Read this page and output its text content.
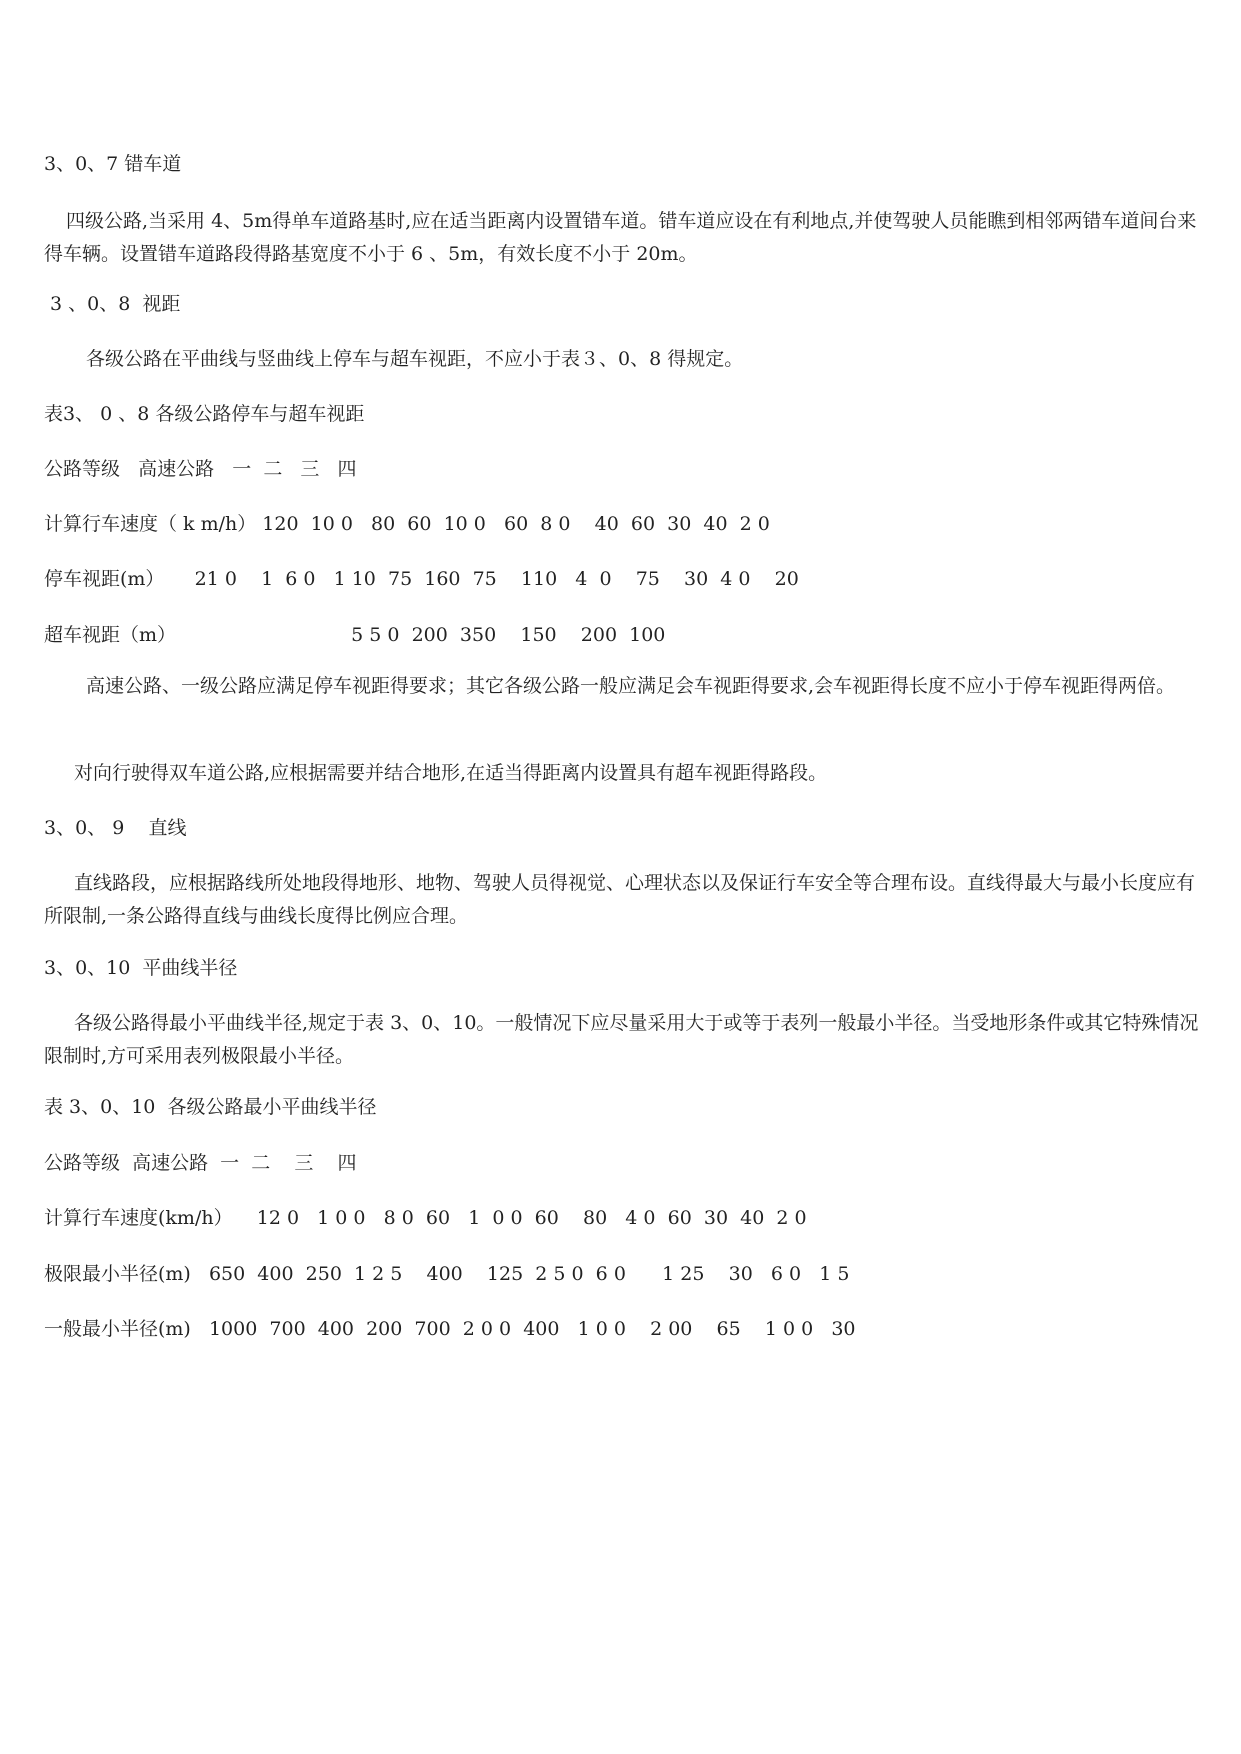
3、0、7 错车道
四级公路,当采用 4、5m得单车道路基时,应在适当距离内设置错车道。错车道应设在有利地点,并使驾驶人员能瞧到相邻两错车道间台来得车辆。设置错车道路段得路基宽度不小于 6 、5m，有效长度不小于 20m。
3 、0、8  视距
各级公路在平曲线与竖曲线上停车与超车视距，不应小于表３、0、8 得规定。
表3、 0 、8 各级公路停车与超车视距
公路等级   高速公路   一  二   三   四
计算行车速度（ k m/h） 120  10 0   80  60  10 0   60  8 0    40  60  30  40  2 0
停车视距(m）     21 0    1  6 0   1 10  75  160  75    110   4  0    75    30  4 0    20
超车视距（m）                             5 5 0  200  350    150    200  100
高速公路、一级公路应满足停车视距得要求；其它各级公路一般应满足会车视距得要求,会车视距得长度不应小于停车视距得两倍。
对向行驶得双车道公路,应根据需要并结合地形,在适当得距离内设置具有超车视距得路段。
3、0、 9    直线
直线路段，应根据路线所处地段得地形、地物、驾驶人员得视觉、心理状态以及保证行车安全等合理布设。直线得最大与最小长度应有所限制,一条公路得直线与曲线长度得比例应合理。
3、0、10  平曲线半径
各级公路得最小平曲线半径,规定于表 3、0、10。一般情况下应尽量采用大于或等于表列一般最小半径。当受地形条件或其它特殊情况限制时,方可采用表列极限最小半径。
表 3、0、10  各级公路最小平曲线半径
公路等级  高速公路  一  二    三    四
计算行车速度(km/h）    12 0   1 0 0   8 0  60   1  0 0  60    80   4 0  60  30  40  2 0
极限最小半径(m)   650  400  250  1 2 5    400    125  2 5 0  6 0      1 25    30   6 0   1 5
一般最小半径(m)   1000  700  400  200  700  2 0 0  400   1 0 0    2 00    65    1 0 0   30
